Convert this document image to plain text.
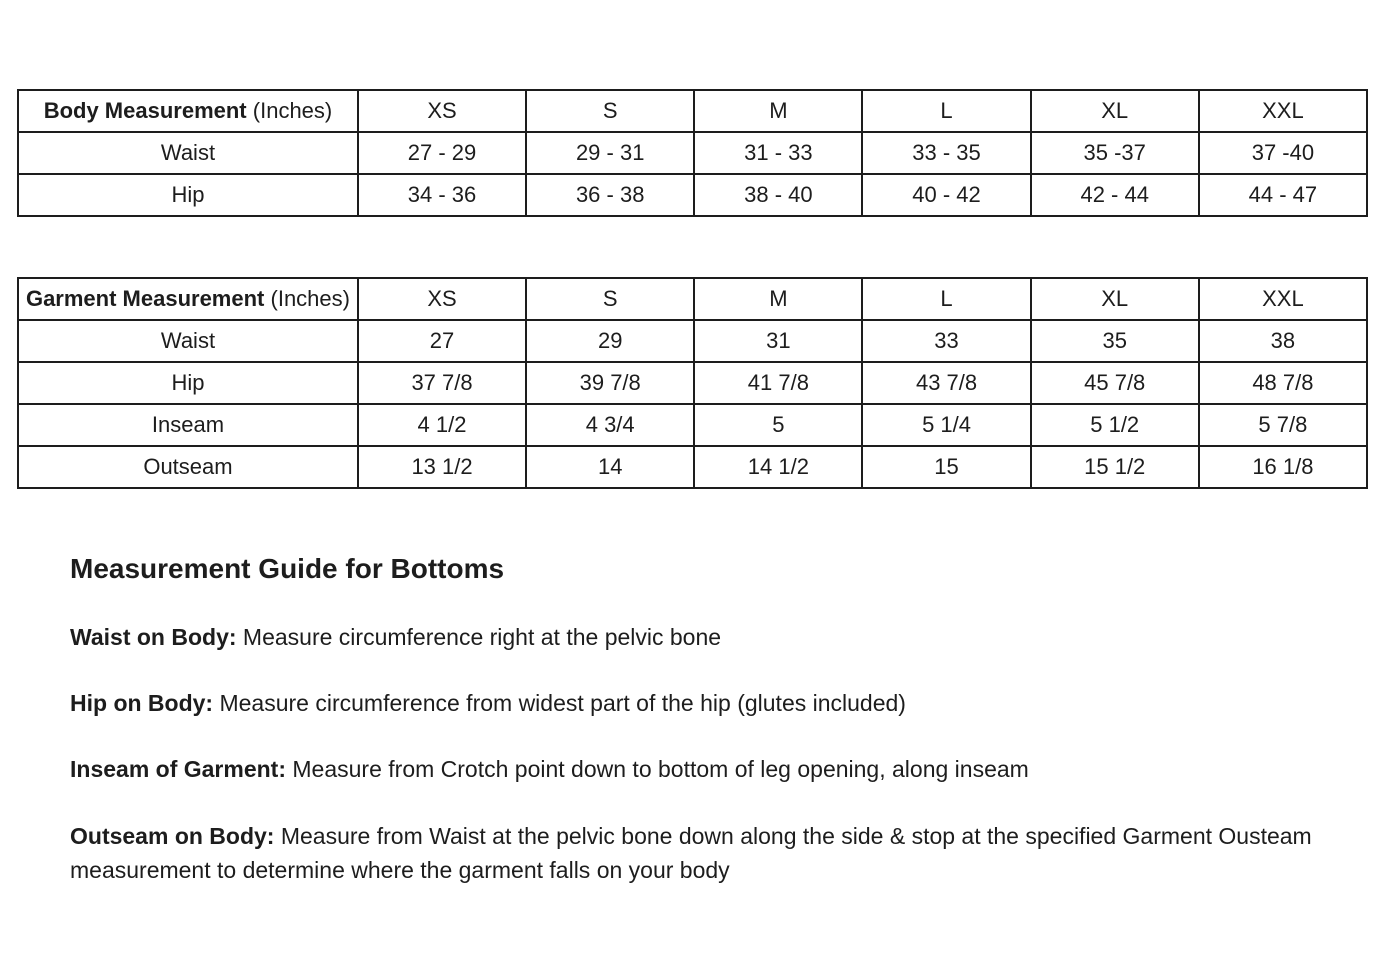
Body Measurement (Inches)	XS	S	M	L	XL	XXL
Waist	27 - 29	29 - 31	31 - 33	33 - 35	35 -37	37 -40
Hip	34 - 36	36 - 38	38 - 40	40 - 42	42 - 44	44 - 47
Garment Measurement (Inches)	XS	S	M	L	XL	XXL
Waist	27	29	31	33	35	38
Hip	37 7/8	39 7/8	41 7/8	43 7/8	45 7/8	48 7/8
Inseam	4 1/2	4 3/4	5	5 1/4	5 1/2	5 7/8
Outseam	13 1/2	14	14 1/2	15	15 1/2	16 1/8
Measurement Guide for Bottoms

Waist on Body: Measure circumference right at the pelvic bone

Hip on Body: Measure circumference from widest part of the hip (glutes included)

Inseam of Garment: Measure from Crotch point down to bottom of leg opening, along inseam

Outseam on Body: Measure from Waist at the pelvic bone down along the side & stop at the specified Garment Ousteam measurement to determine where the garment falls on your body
